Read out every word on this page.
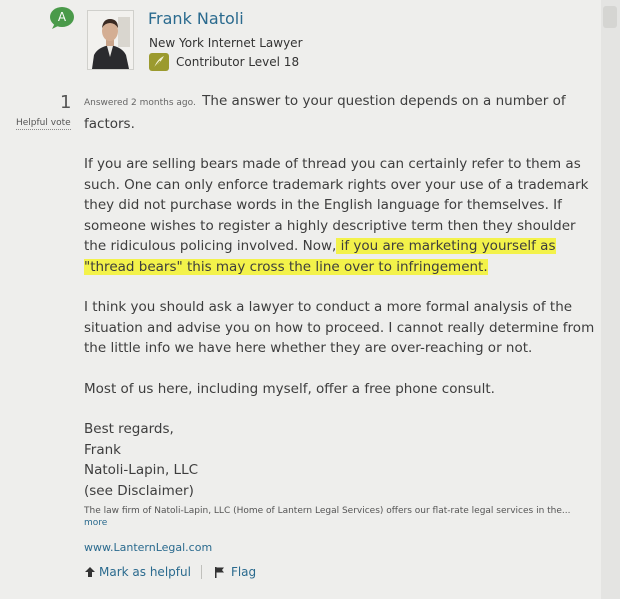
A	Frank Natoli
New York Internet Lawyer
Contributor Level 18
1
Helpful vote

Answered 2 months ago. The answer to your question depends on a number of factors.

If you are selling bears made of thread you can certainly refer to them as such. One can only enforce trademark rights over your use of a trademark they did not purchase words in the English language for themselves. If someone wishes to register a highly descriptive term then they shoulder the ridiculous policing involved. Now, if you are marketing yourself as "thread bears" this may cross the line over to infringement.

I think you should ask a lawyer to conduct a more formal analysis of the situation and advise you on how to proceed. I cannot really determine from the little info we have here whether they are over-reaching or not.

Most of us here, including myself, offer a free phone consult.

Best regards,

Frank

Natoli-Lapin, LLC

(see Disclaimer)

The law firm of Natoli-Lapin, LLC (Home of Lantern Legal Services) offers our flat-rate legal services in the...
more
www.LanternLegal.com
Mark as helpful	Flag
